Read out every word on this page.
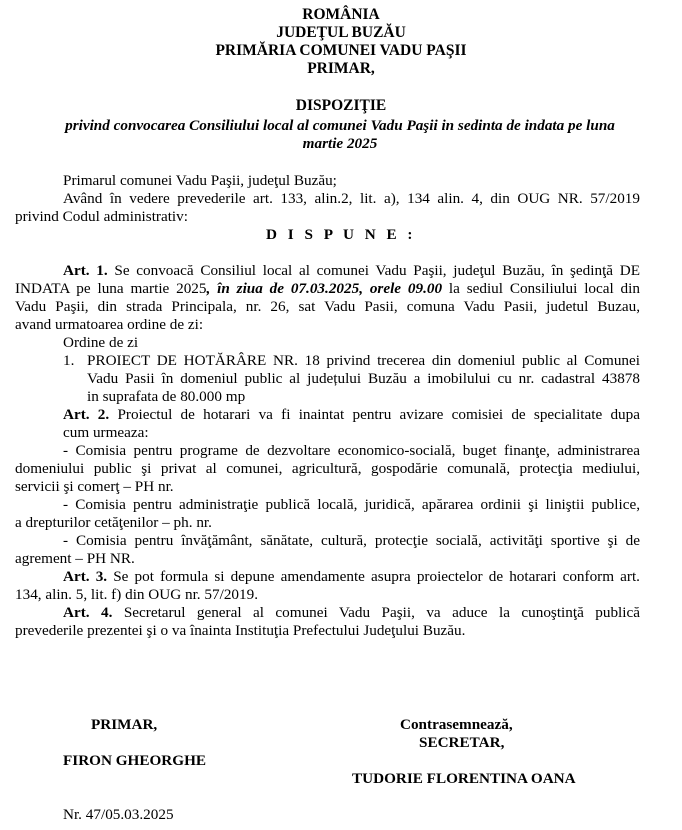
ROMÂNIA
JUDEŢUL BUZĂU
PRIMĂRIA COMUNEI VADU PAŞII
PRIMAR,
DISPOZIŢIE
privind convocarea Consiliului local al comunei Vadu Paşii in sedinta de indata pe luna
martie 2025
Primarul comunei Vadu Paşii, judeţul Buzău;
Având în vedere prevederile art. 133, alin.2, lit. a), 134 alin. 4, din OUG NR. 57/2019
privind Codul administrativ:
D I S P U N E :
Art. 1. Se convoacă Consiliul local al comunei Vadu Paşii, judeţul Buzău, în şedinţă DE
INDATA pe luna martie 2025, în ziua de 07.03.2025, orele 09.00 la sediul Consiliului local din
Vadu Paşii, din strada Principala, nr. 26, sat Vadu Pasii, comuna Vadu Pasii, judetul Buzau,
avand urmatoarea ordine de zi:
Ordine de zi
1. PROIECT DE HOTĂRÂRE NR. 18 privind trecerea din domeniul public al Comunei
Vadu Pasii în domeniul public al județului Buzău a imobilului cu nr. cadastral 43878
in suprafata de 80.000 mp
Art. 2. Proiectul de hotarari va fi inaintat pentru avizare comisiei de specialitate dupa
cum urmeaza:
- Comisia pentru programe de dezvoltare economico-socială, buget finanţe, administrarea
domeniului public şi privat al comunei, agricultură, gospodărie comunală, protecţia mediului,
servicii şi comerţ – PH nr.
- Comisia pentru administraţie publică locală, juridică, apărarea ordinii şi liniştii publice,
a drepturilor cetăţenilor – ph. nr.
- Comisia pentru învăţământ, sănătate, cultură, protecţie socială, activităţi sportive şi de
agrement – PH NR.
Art. 3. Se pot formula si depune amendamente asupra proiectelor de hotarari conform art.
134, alin. 5, lit. f) din OUG nr. 57/2019.
Art. 4. Secretarul general al comunei Vadu Paşii, va aduce la cunoştinţă publică
prevederile prezentei şi o va înainta Instituţia Prefectului Judeţului Buzău.
PRIMAR,
FIRON GHEORGHE
Contrasemnează,
SECRETAR,
TUDORIE FLORENTINA OANA
Nr. 47/05.03.2025
